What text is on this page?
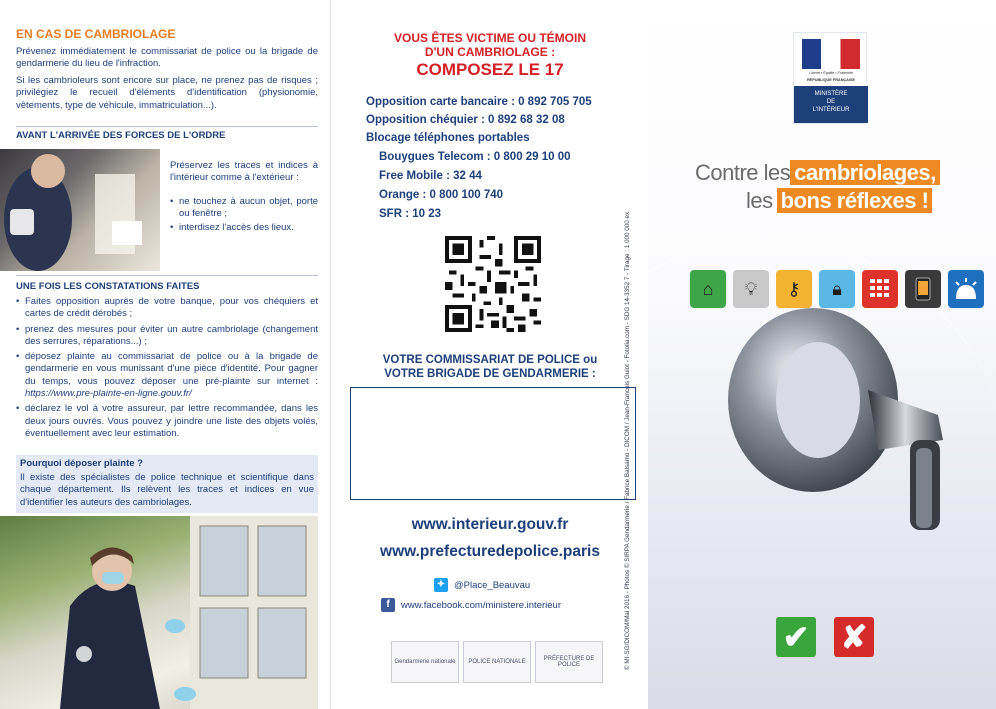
EN CAS DE CAMBRIOLAGE
Prévenez immédiatement le commissariat de police ou la brigade de gendarmerie du lieu de l'infraction.
Si les cambrioleurs sont encore sur place, ne prenez pas de risques ; privilégiez le recueil d'éléments d'identification (physionomie, vêtements, type de véhicule, immatriculation...).
AVANT L'ARRIVÉE DES FORCES DE L'ORDRE
Préservez les traces et indices à l'intérieur comme à l'extérieur :
• ne touchez à aucun objet, porte ou fenêtre ;
• interdisez l'accès des lieux.
UNE FOIS LES CONSTATATIONS FAITES
• Faites opposition auprès de votre banque, pour vos chéquiers et cartes de crédit dérobés ;
• prenez des mesures pour éviter un autre cambriolage (changement des serrures, réparations...) ;
• déposez plainte au commissariat de police ou à la brigade de gendarmerie en vous munissant d'une pièce d'identité. Pour gagner du temps, vous pouvez déposer une pré-plainte sur internet : https://www.pre-plainte-en-ligne.gouv.fr/
• déclarez le vol à votre assureur, par lettre recommandée, dans les deux jours ouvrés. Vous pouvez y joindre une liste des objets volés, éventuellement avec leur estimation.
Pourquoi déposer plainte ?
Il existe des spécialistes de police technique et scientifique dans chaque département. Ils relèvent les traces et indices en vue d'identifier les auteurs des cambriolages.
VOUS ÊTES VICTIME OU TÉMOIN
D'UN CAMBRIOLAGE :
COMPOSEZ LE 17
Opposition carte bancaire : 0 892 705 705
Opposition chéquier : 0 892 68 32 08
Blocage téléphones portables
Bouygues Telecom : 0 800 29 10 00
Free Mobile : 32 44
Orange : 0 800 100 740
SFR : 10 23
VOTRE COMMISSARIAT DE POLICE ou
VOTRE BRIGADE DE GENDARMERIE :
www.interieur.gouv.fr
www.prefecturedepolice.paris
✦ @Place_Beauvau
f	www.facebook.com/ministere.interieur
Gendarmerie nationale POLICE NATIONALE	PRÉFECTURE DE POLICE	© MI-SG/DICOM/Mai 2016 - Photos © SIRPA Gendarmerie / Fabrice Balsamo - DICOM / Jean-Francois Guiot - Fotolia.com - SDG 14-3352 7 - Tirage : 1 000 000 ex.
Liberté • Égalité • Fraternité
RÉPUBLIQUE FRANÇAISE
MINISTÈRE
DE
L'INTÉRIEUR
Contre les cambriolages,
les bons réflexes !
⌂	💡︎	⚷	🔒︎
✔ ✘
